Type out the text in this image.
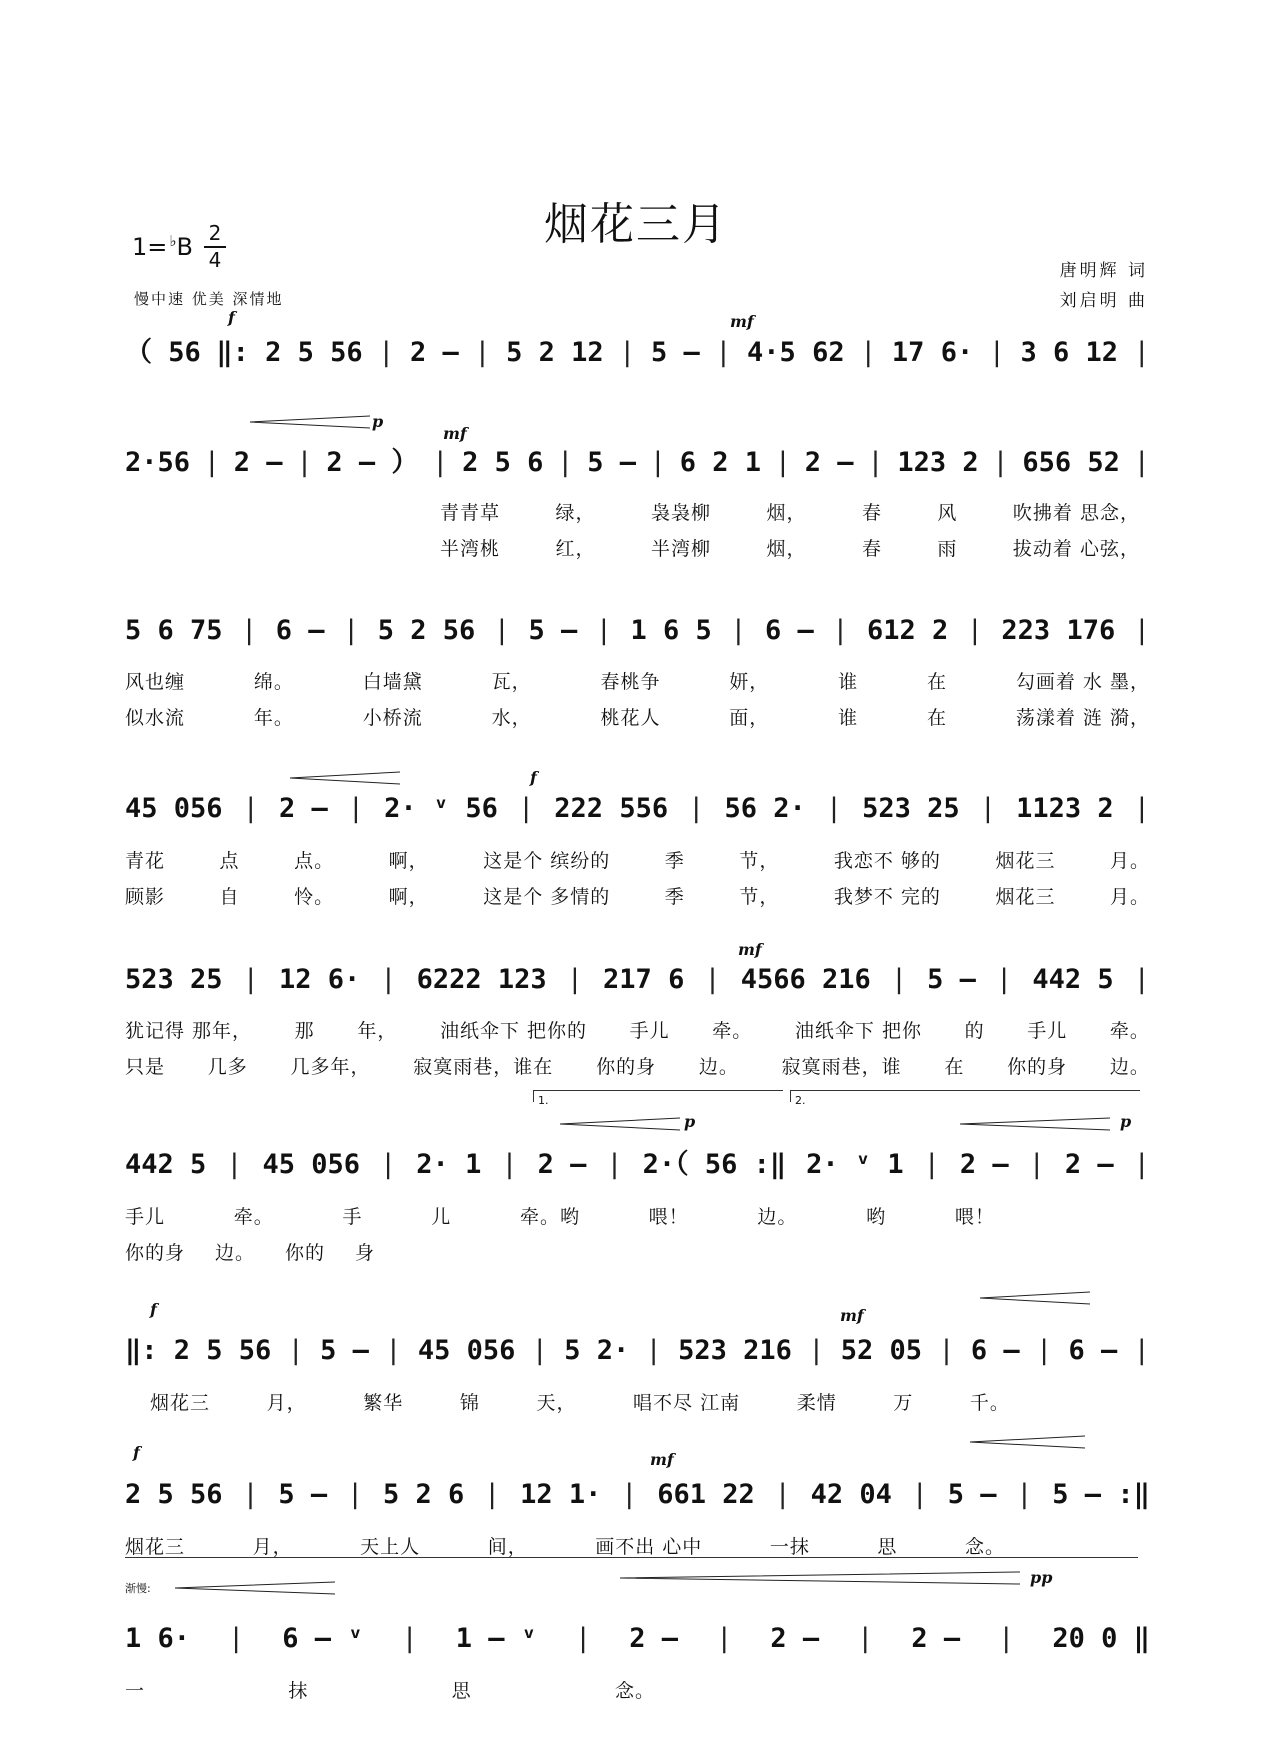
烟花三月
1= ♭B 2
4
慢中速 优美 深情地
唐明辉 词
刘启明 曲
f	mf
p
mf
f
mf
p	p
f	mf
f	mf
pp
渐慢:
1.	2.
（ 56 ‖: 2 5 56 | 2 – | 5 2 12 | 5 – | 4·5 62 | 17 6· | 3 6 12 |
2·56 | 2 – | 2 – ） | 2 5 6 | 5 – | 6 2 1 | 2 – | 123 2 | 656 52 |
青青草	绿，	袅袅柳	烟，	春	风	吹拂着 思念，
半湾桃	红，	半湾柳	烟，	春	雨	拔动着 心弦，
5 6 75 | 6 – | 5 2 56 | 5 – | 1 6 5 | 6 – | 612 2 | 223 176 |
风也缠	绵。	白墙黛	瓦，	春桃争	妍，	谁	在	勾画着 水 墨，
似水流	年。	小桥流	水，	桃花人	面，	谁	在	荡漾着 涟 漪，
45 056 | 2 – | 2· ᵛ 56 | 222 556 | 56 2· | 523 25 | 1123 2 |
青花	点	点。	啊，	这是个 缤纷的	季	节，	我恋不 够的	烟花三	月。
顾影	自	怜。	啊，	这是个 多情的	季	节，	我梦不 完的	烟花三	月。
523 25 | 12 6· | 6222 123 | 217 6 | 4566 216 | 5 – | 442 5 |
犹记得 那年， 那 年， 油纸伞下 把你的 手儿 牵。 油纸伞下 把你 的 手儿 牵。
只是 几多 几多年， 寂寞雨巷，谁在 你的身 边。 寂寞雨巷，谁 在 你的身 边。
442 5 | 45 056 | 2· 1 | 2 – | 2·（ 56 :‖ 2· ᵛ 1 | 2 – | 2 – |
手儿	牵。	手	儿	牵。哟	喂！	边。	哟	喂！
你的身 边。 你的 身
‖: 2 5 56 | 5 – | 45 056 | 5 2· | 523 216 | 52 05 | 6 – | 6 – |
烟花三	月，	繁华	锦	天，	唱不尽 江南	柔情	万	千。
2 5 56 | 5 – | 5 2 6 | 12 1· | 661 22 | 42 04 | 5 – | 5 – :‖
烟花三	月，	天上人	间，	画不出 心中	一抹	思	念。
1 6· | 6 – ᵛ | 1 – ᵛ | 2 – | 2 – | 2 – | 20 0 ‖
一	抹	思	念。
